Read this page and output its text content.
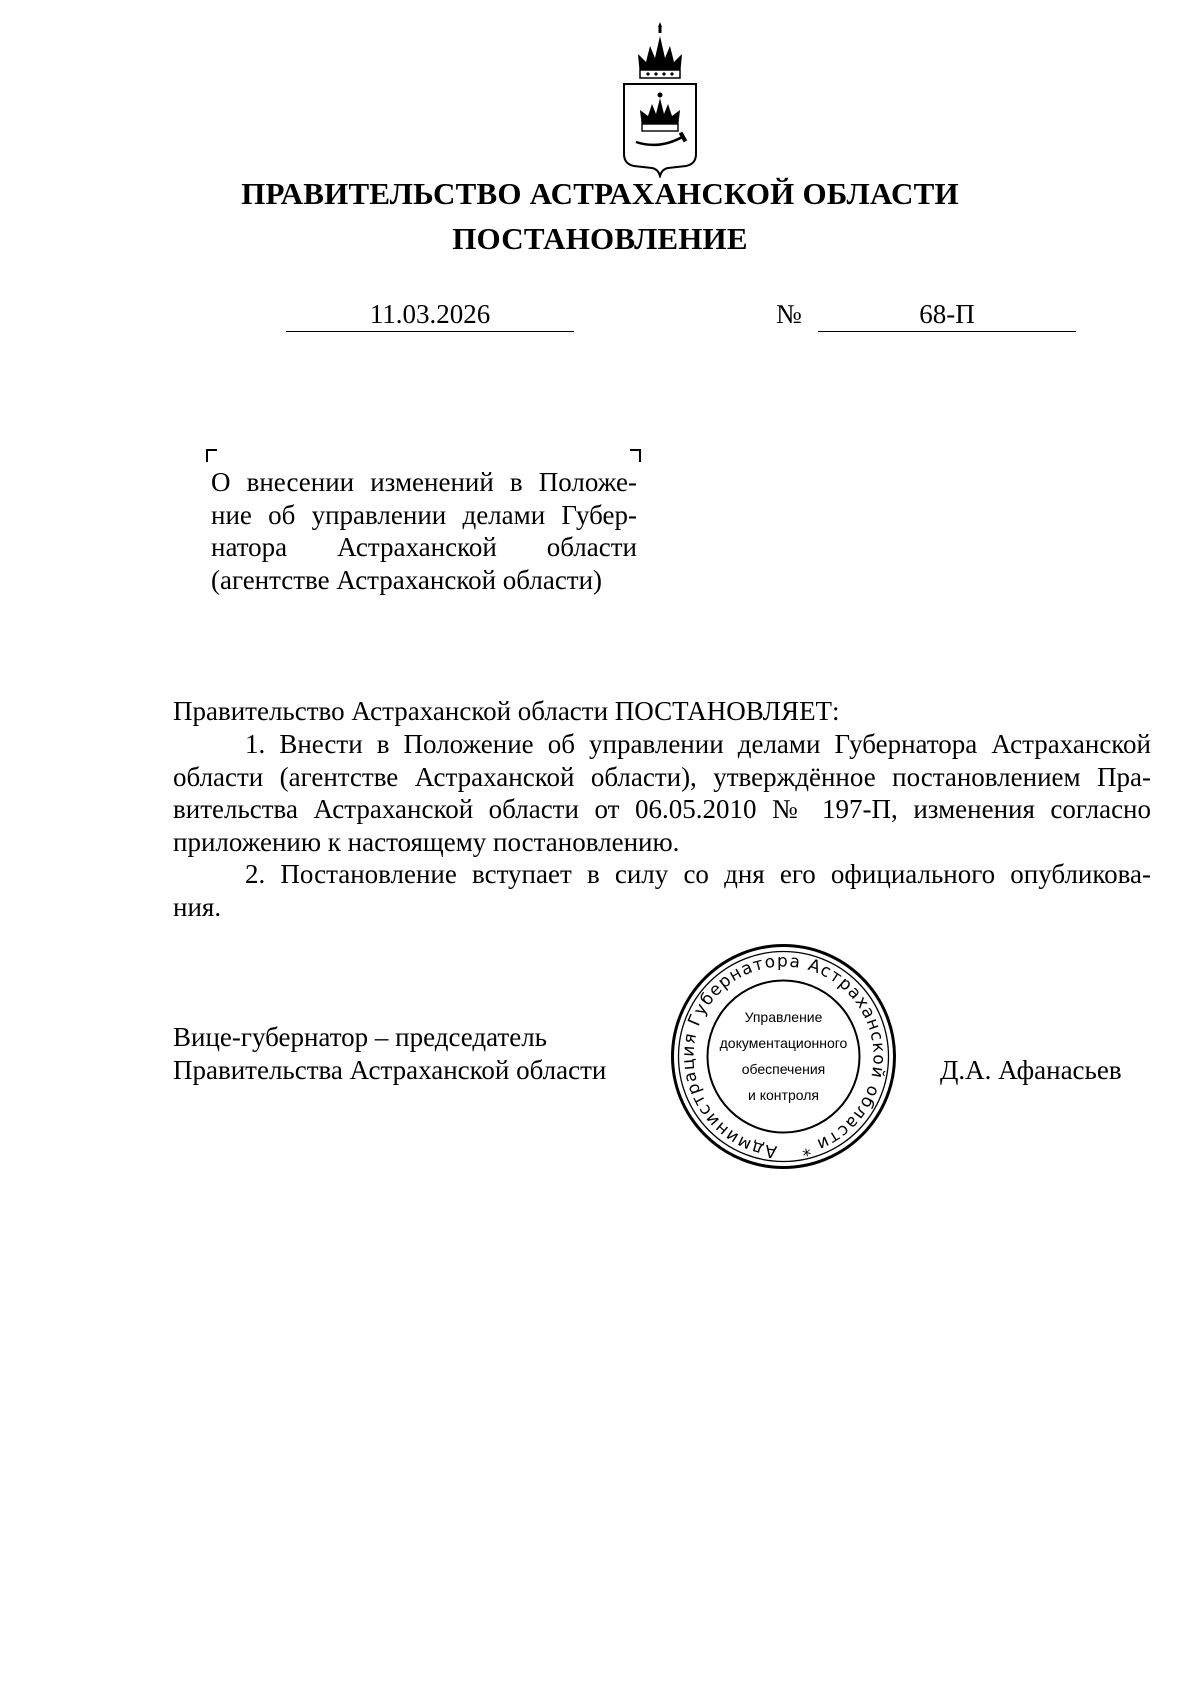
ПРАВИТЕЛЬСТВО АСТРАХАНСКОЙ ОБЛАСТИ
ПОСТАНОВЛЕНИЕ
11.03.2026	№	68-П
О внесении изменений в Положе-
ние об управлении делами Губер-
натора Астраханской области
(агентстве Астраханской области)
Правительство Астраханской области ПОСТАНОВЛЯЕТ:
1. Внести в Положение об управлении делами Губернатора Астраханской
области (агентстве Астраханской области), утверждённое постановлением Пра-
вительства Астраханской области от 06.05.2010 № 197-П, изменения согласно
приложению к настоящему постановлению.
2. Постановление вступает в силу со дня его официального опубликова-
ния.
Вице-губернатор – председатель
Правительства Астраханской области
Администрация Губернатора Астраханской области *
Управление
документационного
обеспечения
и контроля
Д.А. Афанасьев
